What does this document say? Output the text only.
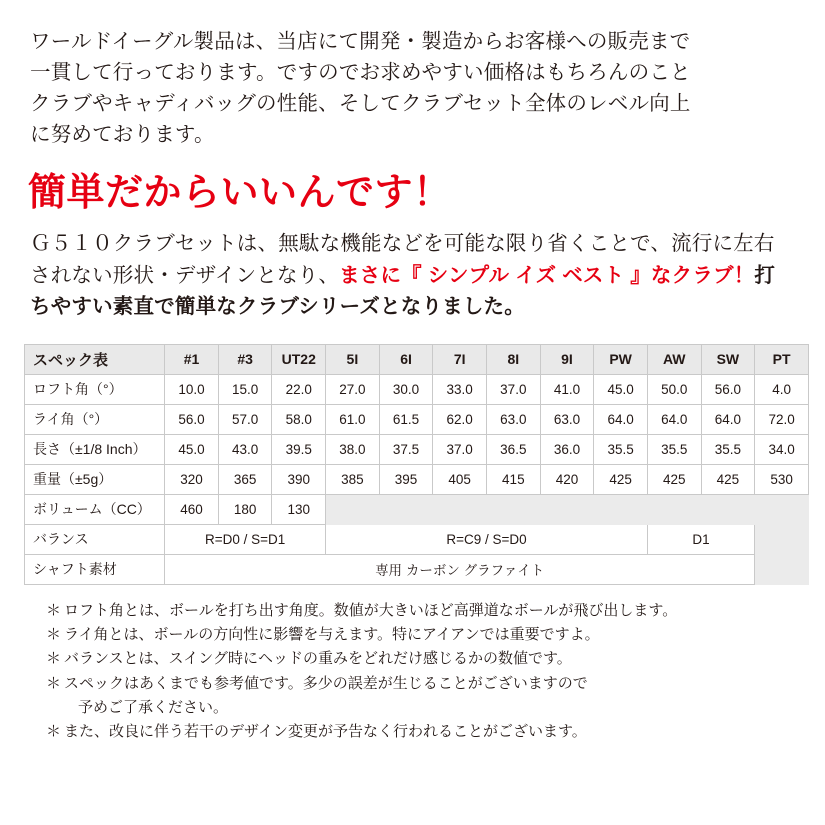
ワールドイーグル製品は、当店にて開発・製造からお客様への販売まで
一貫して行っております。ですのでお求めやすい価格はもちろんのこと
クラブやキャディバッグの性能、そしてクラブセット全体のレベル向上
に努めております。
簡単だからいいんです！
Ｇ５１０クラブセットは、無駄な機能などを可能な限り省くことで、流行に左右されない形状・デザインとなり、まさに『 シンプル イズ ベスト 』なクラブ！打ちやすい素直で簡単なクラブシリーズとなりました。
スペック表	#1	#3	UT22	5I	6I	7I	8I	9I	PW	AW	SW	PT
ロフト角（°）	10.0	15.0	22.0	27.0	30.0	33.0	37.0	41.0	45.0	50.0	56.0	4.0
ライ角（°）	56.0	57.0	58.0	61.0	61.5	62.0	63.0	63.0	64.0	64.0	64.0	72.0
長さ（±1/8 Inch）	45.0	43.0	39.5	38.0	37.5	37.0	36.5	36.0	35.5	35.5	35.5	34.0
重量（±5g）	320	365	390	385	395	405	415	420	425	425	425	530
ボリューム（CC）	460	180	130									
バランス	R=D0 / S=D1			R=C9 / S=D0						D1		
シャフト素材	専用 カーボン グラファイト											
＊ ロフト角とは、ボールを打ち出す角度。数値が大きいほど高弾道なボールが飛び出します。
＊ ライ角とは、ボールの方向性に影響を与えます。特にアイアンでは重要ですよ。
＊ バランスとは、スイング時にヘッドの重みをどれだけ感じるかの数値です。
＊ スペックはあくまでも参考値です。多少の誤差が生じることがございますので
予めご了承ください。
＊ また、改良に伴う若干のデザイン変更が予告なく行われることがございます。
